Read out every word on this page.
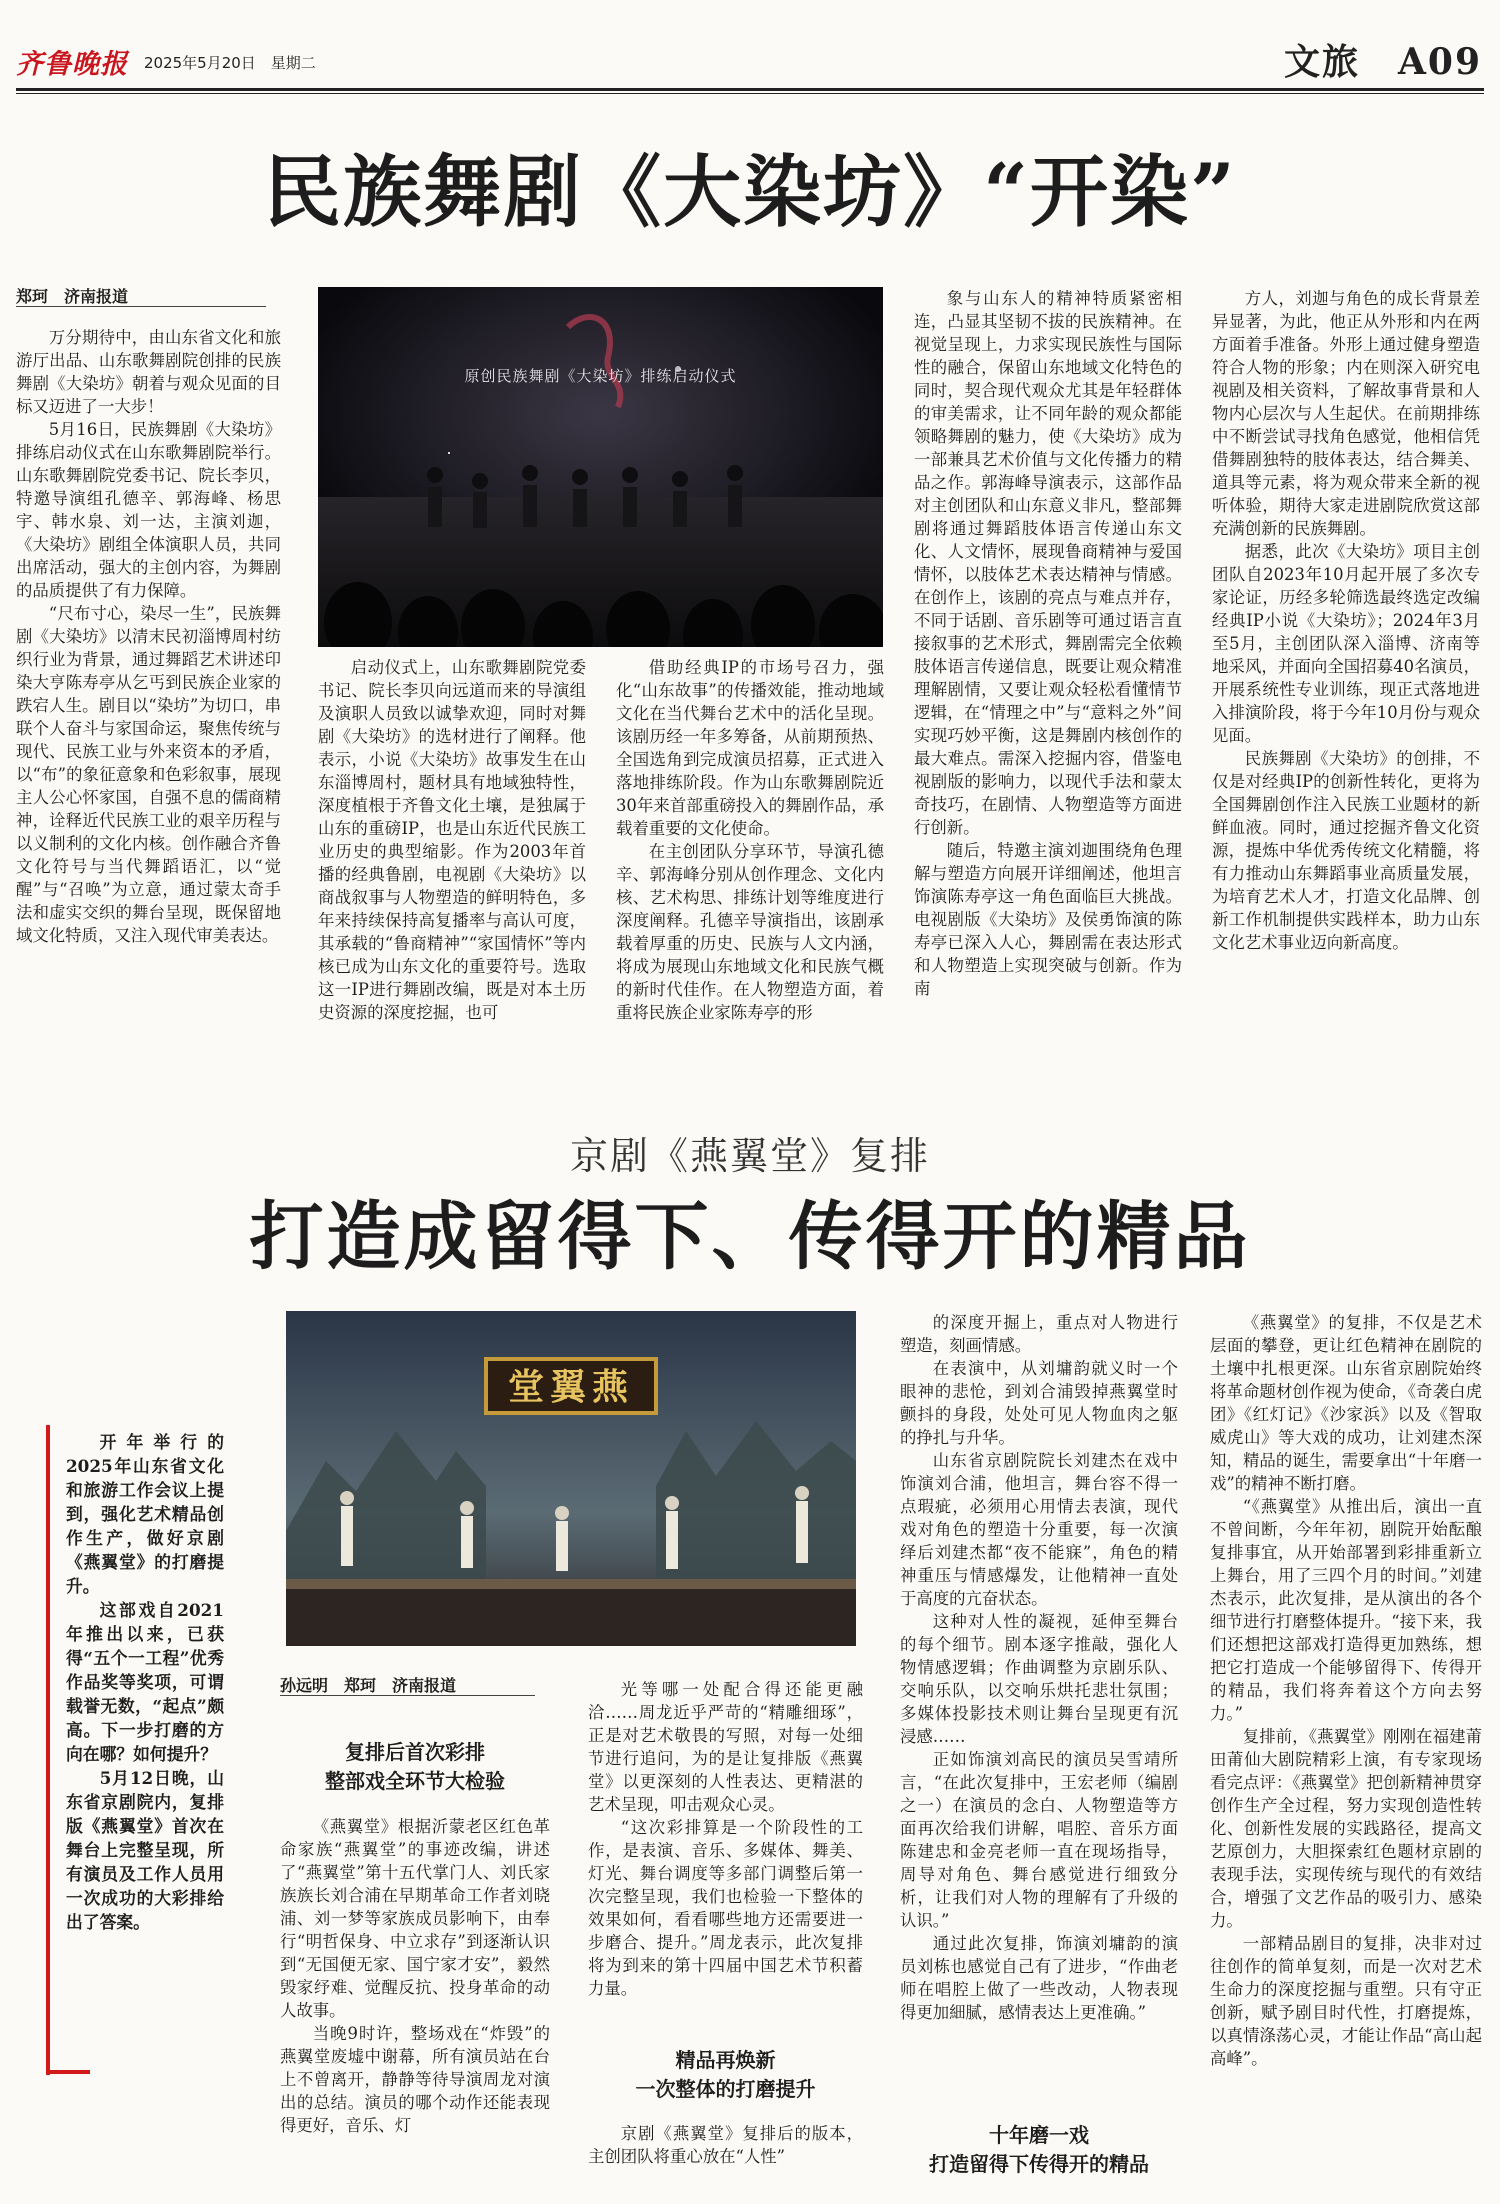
齐鲁晚报 2025年5月20日　星期二	文旅　A09
民族舞剧《大染坊》“开染”
郑珂　济南报道

万分期待中，由山东省文化和旅游厅出品、山东歌舞剧院创排的民族舞剧《大染坊》朝着与观众见面的目标又迈进了一大步！

5月16日，民族舞剧《大染坊》排练启动仪式在山东歌舞剧院举行。山东歌舞剧院党委书记、院长李贝，特邀导演组孔德辛、郭海峰、杨思宇、韩水泉、刘一达，主演刘迦，《大染坊》剧组全体演职人员，共同出席活动，强大的主创内容，为舞剧的品质提供了有力保障。

“尺布寸心，染尽一生”，民族舞剧《大染坊》以清末民初淄博周村纺织行业为背景，通过舞蹈艺术讲述印染大亨陈寿亭从乞丐到民族企业家的跌宕人生。剧目以“染坊”为切口，串联个人奋斗与家国命运，聚焦传统与现代、民族工业与外来资本的矛盾，以“布”的象征意象和色彩叙事，展现主人公心怀家国，自强不息的儒商精神，诠释近代民族工业的艰辛历程与以义制利的文化内核。创作融合齐鲁文化符号与当代舞蹈语汇，以“觉醒”与“召唤”为立意，通过蒙太奇手法和虚实交织的舞台呈现，既保留地域文化特质，又注入现代审美表达。

原创民族舞剧《大染坊》排练启动仪式

启动仪式上，山东歌舞剧院党委书记、院长李贝向远道而来的导演组及演职人员致以诚挚欢迎，同时对舞剧《大染坊》的选材进行了阐释。他表示，小说《大染坊》故事发生在山东淄博周村，题材具有地域独特性，深度植根于齐鲁文化土壤，是独属于山东的重磅IP，也是山东近代民族工业历史的典型缩影。作为2003年首播的经典鲁剧，电视剧《大染坊》以商战叙事与人物塑造的鲜明特色，多年来持续保持高复播率与高认可度，其承载的“鲁商精神”“家国情怀”等内核已成为山东文化的重要符号。选取这一IP进行舞剧改编，既是对本土历史资源的深度挖掘，也可

借助经典IP的市场号召力，强化“山东故事”的传播效能，推动地域文化在当代舞台艺术中的活化呈现。该剧历经一年多筹备，从前期预热、全国选角到完成演员招募，正式进入落地排练阶段。作为山东歌舞剧院近30年来首部重磅投入的舞剧作品，承载着重要的文化使命。

在主创团队分享环节，导演孔德辛、郭海峰分别从创作理念、文化内核、艺术构思、排练计划等维度进行深度阐释。孔德辛导演指出，该剧承载着厚重的历史、民族与人文内涵，将成为展现山东地域文化和民族气概的新时代佳作。在人物塑造方面，着重将民族企业家陈寿亭的形

象与山东人的精神特质紧密相连，凸显其坚韧不拔的民族精神。在视觉呈现上，力求实现民族性与国际性的融合，保留山东地域文化特色的同时，契合现代观众尤其是年轻群体的审美需求，让不同年龄的观众都能领略舞剧的魅力，使《大染坊》成为一部兼具艺术价值与文化传播力的精品之作。郭海峰导演表示，这部作品对主创团队和山东意义非凡，整部舞剧将通过舞蹈肢体语言传递山东文化、人文情怀，展现鲁商精神与爱国情怀，以肢体艺术表达精神与情感。在创作上，该剧的亮点与难点并存，不同于话剧、音乐剧等可通过语言直接叙事的艺术形式，舞剧需完全依赖肢体语言传递信息，既要让观众精准理解剧情，又要让观众轻松看懂情节逻辑，在“情理之中”与“意料之外”间实现巧妙平衡，这是舞剧内核创作的最大难点。需深入挖掘内容，借鉴电视剧版的影响力，以现代手法和蒙太奇技巧，在剧情、人物塑造等方面进行创新。

随后，特邀主演刘迦围绕角色理解与塑造方向展开详细阐述，他坦言饰演陈寿亭这一角色面临巨大挑战。电视剧版《大染坊》及侯勇饰演的陈寿亭已深入人心，舞剧需在表达形式和人物塑造上实现突破与创新。作为南

方人，刘迦与角色的成长背景差异显著，为此，他正从外形和内在两方面着手准备。外形上通过健身塑造符合人物的形象；内在则深入研究电视剧及相关资料，了解故事背景和人物内心层次与人生起伏。在前期排练中不断尝试寻找角色感觉，他相信凭借舞剧独特的肢体表达，结合舞美、道具等元素，将为观众带来全新的视听体验，期待大家走进剧院欣赏这部充满创新的民族舞剧。

据悉，此次《大染坊》项目主创团队自2023年10月起开展了多次专家论证，历经多轮筛选最终选定改编经典IP小说《大染坊》；2024年3月至5月，主创团队深入淄博、济南等地采风，并面向全国招募40名演员，开展系统性专业训练，现正式落地进入排演阶段，将于今年10月份与观众见面。

民族舞剧《大染坊》的创排，不仅是对经典IP的创新性转化，更将为全国舞剧创作注入民族工业题材的新鲜血液。同时，通过挖掘齐鲁文化资源，提炼中华优秀传统文化精髓，将有力推动山东舞蹈事业高质量发展，为培育艺术人才，打造文化品牌、创新工作机制提供实践样本，助力山东文化艺术事业迈向新高度。

京剧《燕翼堂》复排
打造成留得下、传得开的精品

开年举行的2025年山东省文化和旅游工作会议上提到，强化艺术精品创作生产，做好京剧《燕翼堂》的打磨提升。

这部戏自2021年推出以来，已获得“五个一工程”优秀作品奖等奖项，可谓载誉无数，“起点”颇高。下一步打磨的方向在哪？如何提升？

5月12日晚，山东省京剧院内，复排版《燕翼堂》首次在舞台上完整呈现，所有演员及工作人员用一次成功的大彩排给出了答案。

堂翼燕
孙远明　郑珂　济南报道
复排后首次彩排
整部戏全环节大检验

《燕翼堂》根据沂蒙老区红色革命家族“燕翼堂”的事迹改编，讲述了“燕翼堂”第十五代掌门人、刘氏家族族长刘合浦在早期革命工作者刘晓浦、刘一梦等家族成员影响下，由奉行“明哲保身、中立求存”到逐渐认识到“无国便无家、国宁家才安”，毅然毁家纾难、觉醒反抗、投身革命的动人故事。

当晚9时许，整场戏在“炸毁”的燕翼堂废墟中谢幕，所有演员站在台上不曾离开，静静等待导演周龙对演出的总结。演员的哪个动作还能表现得更好，音乐、灯

光等哪一处配合得还能更融洽……周龙近乎严苛的“精雕细琢”，正是对艺术敬畏的写照，对每一处细节进行追问，为的是让复排版《燕翼堂》以更深刻的人性表达、更精湛的艺术呈现，叩击观众心灵。

“这次彩排算是一个阶段性的工作，是表演、音乐、多媒体、舞美、灯光、舞台调度等多部门调整后第一次完整呈现，我们也检验一下整体的效果如何，看看哪些地方还需要进一步磨合、提升。”周龙表示，此次复排将为到来的第十四届中国艺术节积蓄力量。

精品再焕新
一次整体的打磨提升

京剧《燕翼堂》复排后的版本，主创团队将重心放在“人性”

的深度开掘上，重点对人物进行塑造，刻画情感。

在表演中，从刘墉韵就义时一个眼神的悲怆，到刘合浦毁掉燕翼堂时颤抖的身段，处处可见人物血肉之躯的挣扎与升华。

山东省京剧院院长刘建杰在戏中饰演刘合浦，他坦言，舞台容不得一点瑕疵，必须用心用情去表演，现代戏对角色的塑造十分重要，每一次演绎后刘建杰都“夜不能寐”，角色的精神重压与情感爆发，让他精神一直处于高度的亢奋状态。

这种对人性的凝视，延伸至舞台的每个细节。剧本逐字推敲，强化人物情感逻辑；作曲调整为京剧乐队、交响乐队，以交响乐烘托悲壮氛围；多媒体投影技术则让舞台呈现更有沉浸感……

正如饰演刘高民的演员吴雪靖所言，“在此次复排中，王宏老师（编剧之一）在演员的念白、人物塑造等方面再次给我们讲解，唱腔、音乐方面陈建忠和金亮老师一直在现场指导，周导对角色、舞台感觉进行细致分析，让我们对人物的理解有了升级的认识。”

通过此次复排，饰演刘墉韵的演员刘栋也感觉自己有了进步，“作曲老师在唱腔上做了一些改动，人物表现得更加細腻，感情表达上更准确。”

十年磨一戏
打造留得下传得开的精品

《燕翼堂》的复排，不仅是艺术层面的攀登，更让红色精神在剧院的土壤中扎根更深。山东省京剧院始终将革命题材创作视为使命，《奇袭白虎团》《红灯记》《沙家浜》以及《智取威虎山》等大戏的成功，让刘建杰深知，精品的诞生，需要拿出“十年磨一戏”的精神不断打磨。

“《燕翼堂》从推出后，演出一直不曾间断，今年年初，剧院开始酝酿复排事宜，从开始部署到彩排重新立上舞台，用了三四个月的时间。”刘建杰表示，此次复排，是从演出的各个细节进行打磨整体提升。“接下来，我们还想把这部戏打造得更加熟练，想把它打造成一个能够留得下、传得开的精品，我们将奔着这个方向去努力。”

复排前，《燕翼堂》刚刚在福建莆田莆仙大剧院精彩上演，有专家现场看完点评：《燕翼堂》把创新精神贯穿创作生产全过程，努力实现创造性转化、创新性发展的实践路径，提高文艺原创力，大胆探索红色题材京剧的表现手法，实现传统与现代的有效结合，增强了文艺作品的吸引力、感染力。

一部精品剧目的复排，决非对过往创作的简单复刻，而是一次对艺术生命力的深度挖掘与重塑。只有守正创新，赋予剧目时代性，打磨提炼，以真情涤荡心灵，才能让作品“高山起高峰”。
